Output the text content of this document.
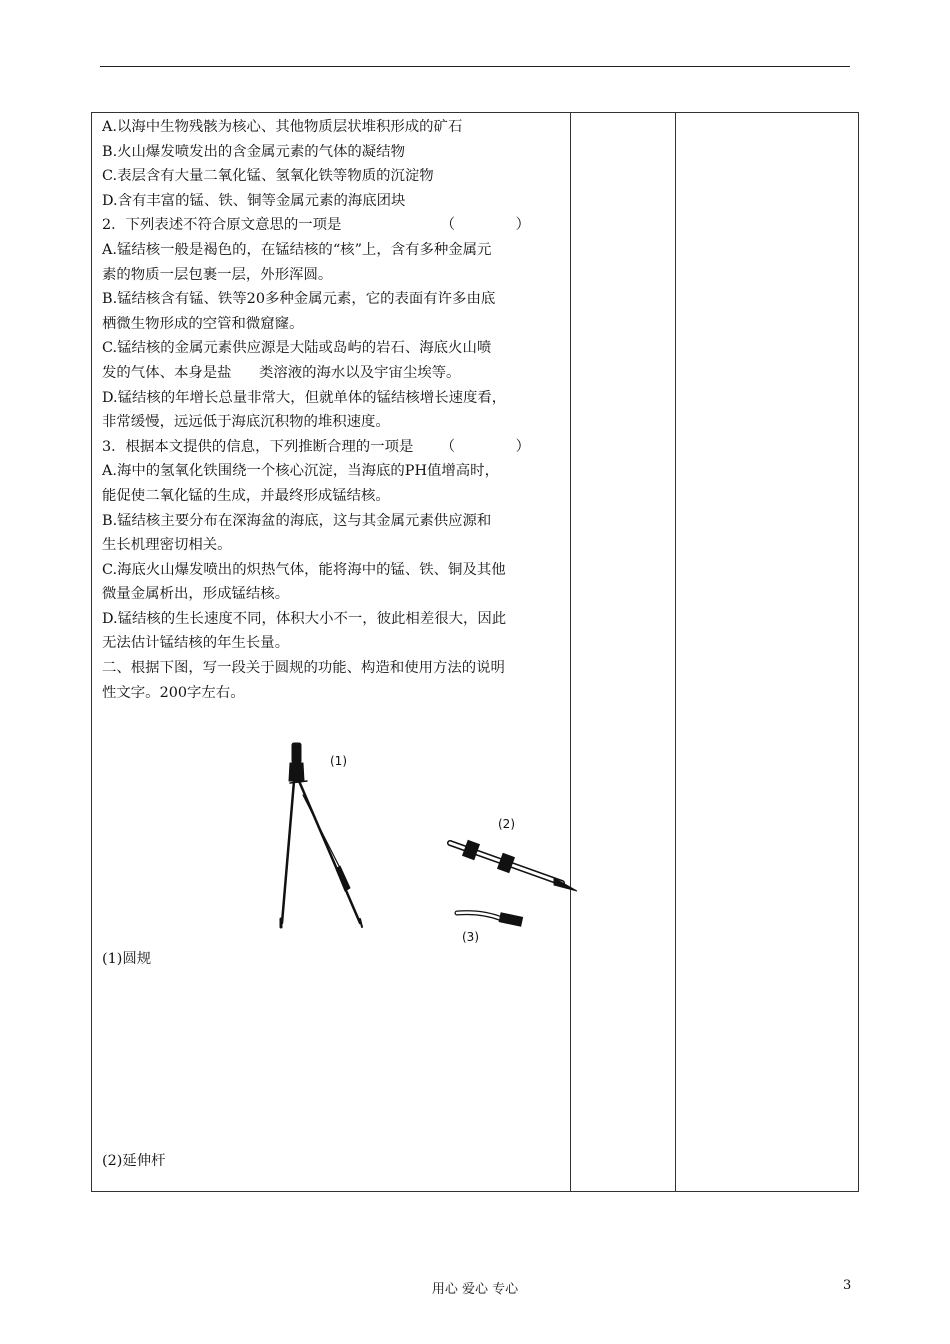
A.以海中生物残骸为核心、其他物质层状堆积形成的矿石
B.火山爆发喷发出的含金属元素的气体的凝结物
C.表层含有大量二氧化锰、氢氧化铁等物质的沉淀物
D.含有丰富的锰、铁、铜等金属元素的海底团块
2．下列表述不符合原文意思的一项是	（ ）
A.锰结核一般是褐色的，在锰结核的“核”上，含有多种金属元
素的物质一层包裹一层，外形浑圆。
B.锰结核含有锰、铁等20多种金属元素，它的表面有许多由底
栖微生物形成的空管和微窟窿。
C.锰结核的金属元素供应源是大陆或岛屿的岩石、海底火山喷
发的气体、本身是盐      类溶液的海水以及宇宙尘埃等。
D.锰结核的年增长总量非常大，但就单体的锰结核增长速度看，
非常缓慢，远远低于海底沉积物的堆积速度。
3．根据本文提供的信息，下列推断合理的一项是 （ ）
A.海中的氢氧化铁围绕一个核心沉淀，当海底的PH值增高时，
能促使二氧化锰的生成，并最终形成锰结核。
B.锰结核主要分布在深海盆的海底，这与其金属元素供应源和
生长机理密切相关。
C.海底火山爆发喷出的炽热气体，能将海中的锰、铁、铜及其他
微量金属析出，形成锰结核。
D.锰结核的生长速度不同，体积大小不一，彼此相差很大，因此
无法估计锰结核的年生长量。
二、根据下图，写一段关于圆规的功能、构造和使用方法的说明
性文字。200字左右。
(1)
(2)
(3)
(1)圆规
(2)延伸杆
用心 爱心 专心	3
